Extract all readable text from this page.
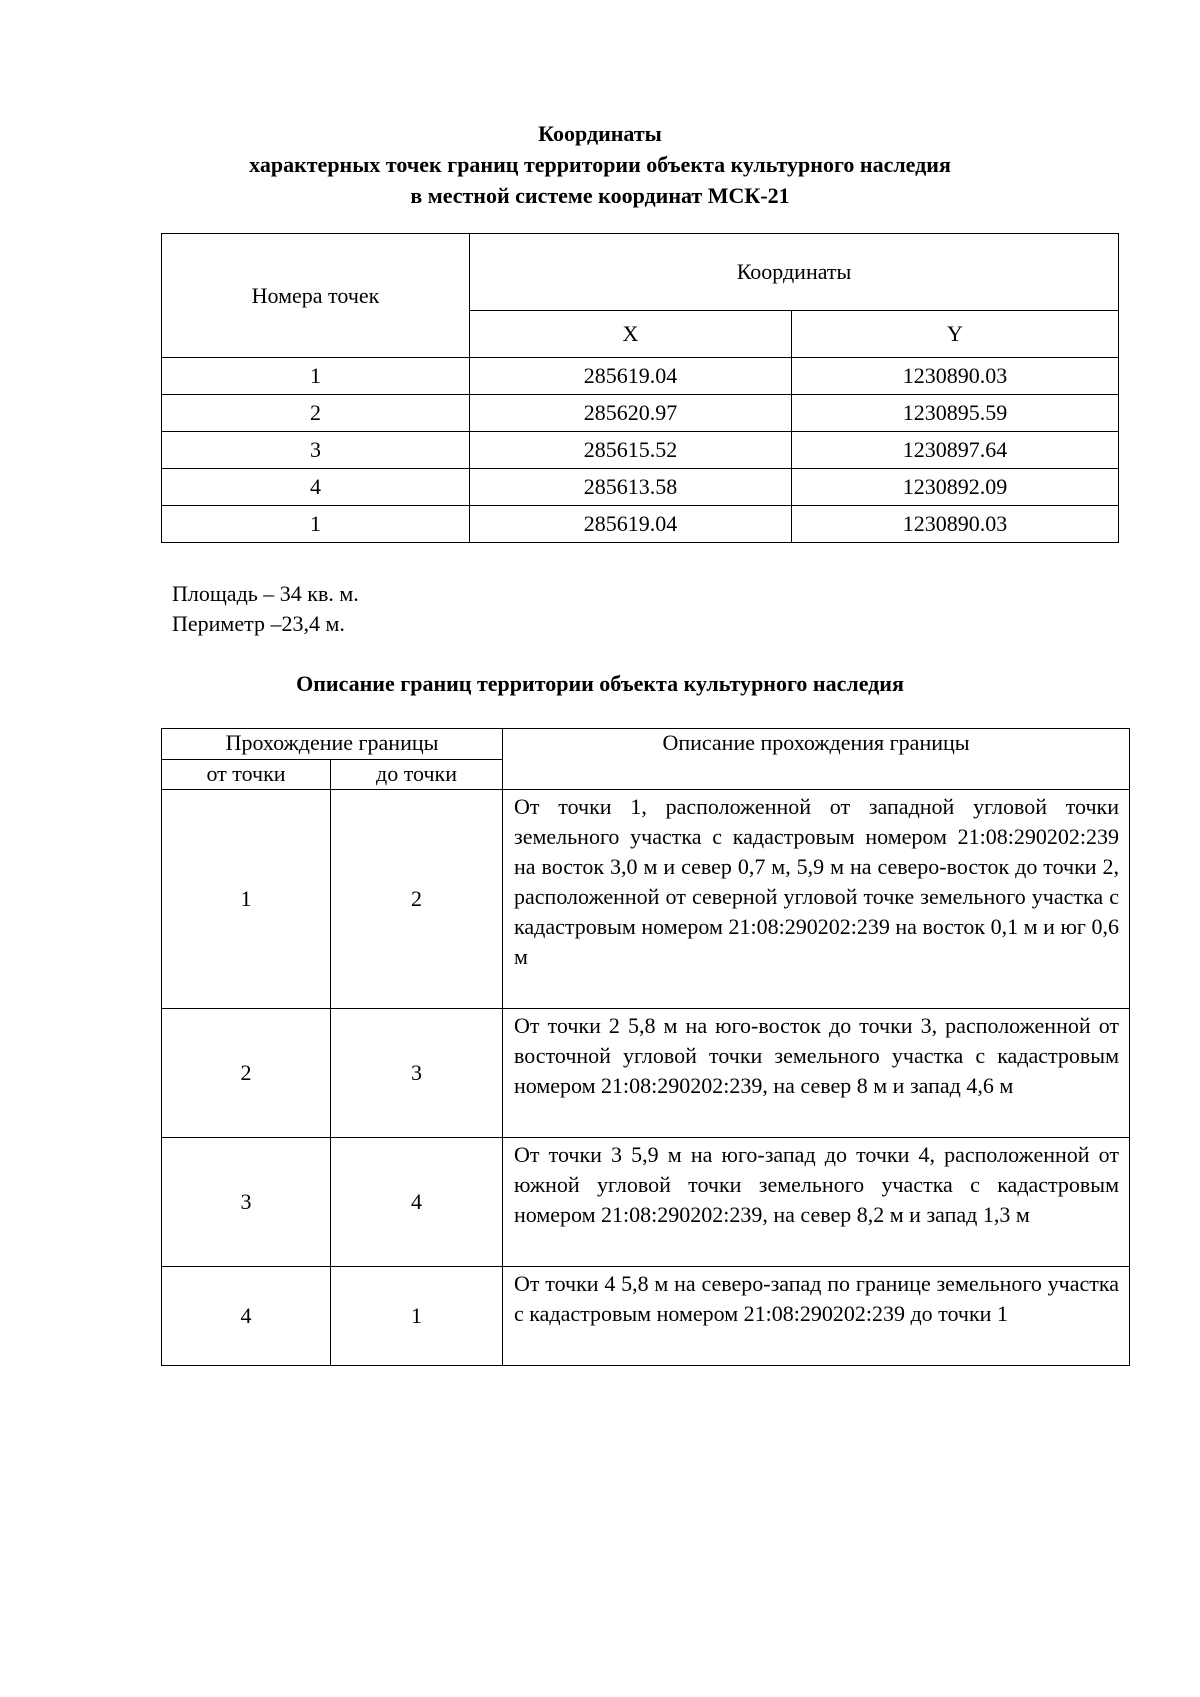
Координаты
характерных точек границ территории объекта культурного наследия
в местной системе координат МСК-21
Номера точек	Координаты	
	X	Y
1	285619.04	1230890.03
2	285620.97	1230895.59
3	285615.52	1230897.64
4	285613.58	1230892.09
1	285619.04	1230890.03
Площадь – 34 кв. м.
Периметр –23,4 м.
Описание границ территории объекта культурного наследия
Прохождение границы		Описание прохождения границы
от точки	до точки	
1	2	От точки 1, расположенной от западной угловой точки земельного участка с кадастровым номером 21:08:290202:239 на восток 3,0 м и север 0,7 м, 5,9 м на северо-восток до точки 2, расположенной от северной угловой точке земельного участка с кадастровым номером 21:08:290202:239 на восток 0,1 м и юг 0,6 м
2	3	От точки 2 5,8 м на юго-восток до точки 3, расположенной от восточной угловой точки земельного участка с кадастровым номером 21:08:290202:239, на север 8 м и запад 4,6 м
3	4	От точки 3 5,9 м на юго-запад до точки 4, расположенной от южной угловой точки земельного участка с кадастровым номером 21:08:290202:239, на север 8,2 м и запад 1,3 м
4	1	От точки 4 5,8 м на северо-запад по границе земельного участка с кадастровым номером 21:08:290202:239 до точки 1
